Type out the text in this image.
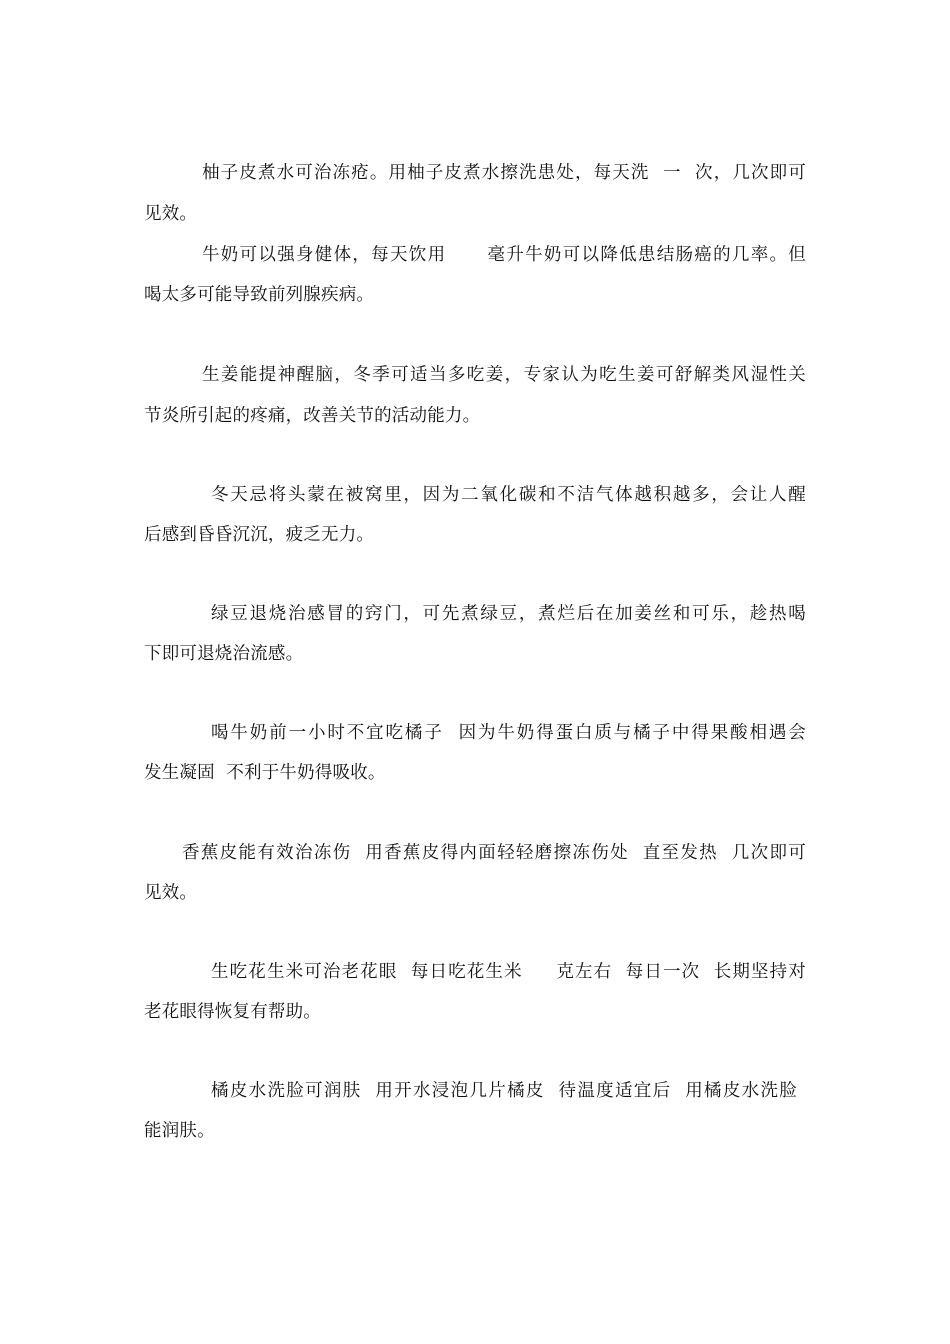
柚子皮煮水可治冻疮。用柚子皮煮水擦洗患处，每天洗  一  次，几次即可
见效。
牛奶可以强身健体，每天饮用      毫升牛奶可以降低患结肠癌的几率。但
喝太多可能导致前列腺疾病。
生姜能提神醒脑，冬季可适当多吃姜，专家认为吃生姜可舒解类风湿性关
节炎所引起的疼痛，改善关节的活动能力。
冬天忌将头蒙在被窝里，因为二氧化碳和不洁气体越积越多，会让人醒
后感到昏昏沉沉，疲乏无力。
绿豆退烧治感冒的窍门，可先煮绿豆，煮烂后在加姜丝和可乐，趁热喝
下即可退烧治流感。
喝牛奶前一小时不宜吃橘子  因为牛奶得蛋白质与橘子中得果酸相遇会
发生凝固  不利于牛奶得吸收。
香蕉皮能有效治冻伤  用香蕉皮得内面轻轻磨擦冻伤处  直至发热  几次即可
见效。
生吃花生米可治老花眼  每日吃花生米     克左右  每日一次  长期坚持对
老花眼得恢复有帮助。
橘皮水洗脸可润肤  用开水浸泡几片橘皮  待温度适宜后  用橘皮水洗脸
能润肤。
